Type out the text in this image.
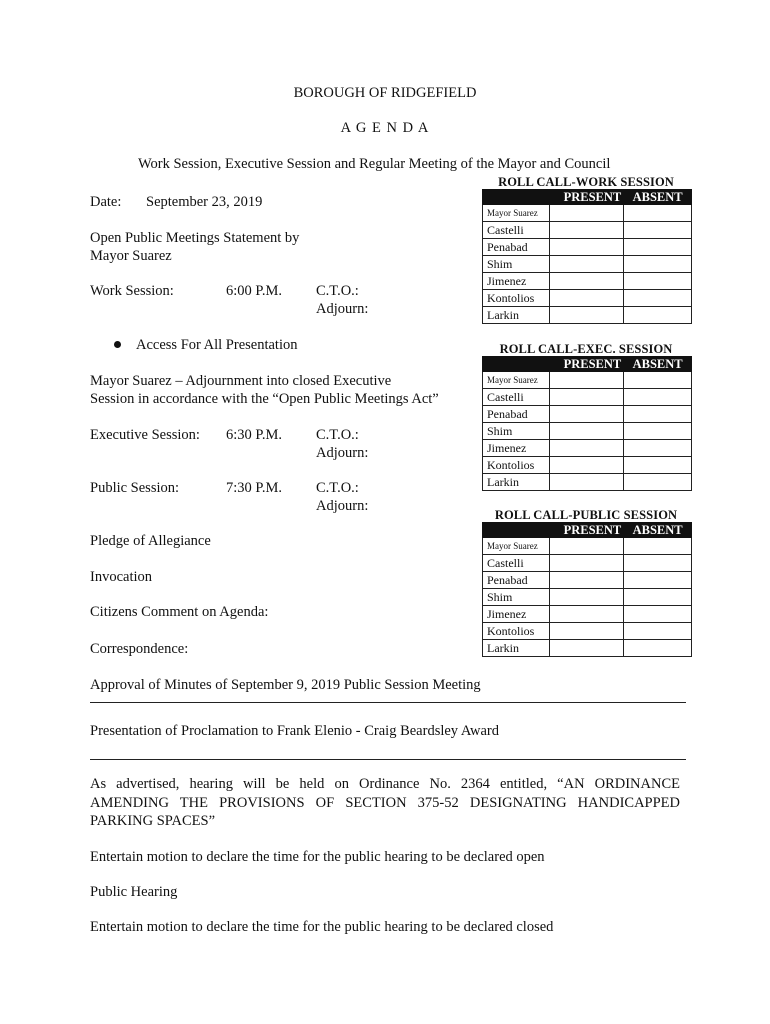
BOROUGH OF RIDGEFIELD
A G E N D A
Work Session, Executive Session and Regular Meeting of the Mayor and Council
Date: September 23, 2019
Open Public Meetings Statement by
Mayor Suarez
Work Session:	6:00 P.M. C.T.O.:
Adjourn:
Access For All Presentation
Mayor Suarez – Adjournment into closed Executive
Session in accordance with the “Open Public Meetings Act”
Executive Session: 6:30 P.M. C.T.O.:
Adjourn:
Public Session:	7:30 P.M. C.T.O.:
Adjourn:
Pledge of Allegiance
Invocation
Citizens Comment on Agenda:
Correspondence:
Approval of Minutes of September 9, 2019 Public Session Meeting
Presentation of Proclamation to Frank Elenio - Craig Beardsley Award
As advertised, hearing will be held on Ordinance No. 2364 entitled, “AN ORDINANCE AMENDING THE PROVISIONS OF SECTION 375-52 DESIGNATING HANDICAPPED PARKING SPACES”
Entertain motion to declare the time for the public hearing to be declared open
Public Hearing
Entertain motion to declare the time for the public hearing to be declared closed
ROLL CALL-WORK SESSION
	PRESENT	ABSENT
Mayor Suarez		
Castelli		
Penabad		
Shim		
Jimenez		
Kontolios		
Larkin		
ROLL CALL-EXEC. SESSION
	PRESENT	ABSENT
Mayor Suarez		
Castelli		
Penabad		
Shim		
Jimenez		
Kontolios		
Larkin		
ROLL CALL-PUBLIC SESSION
	PRESENT	ABSENT
Mayor Suarez		
Castelli		
Penabad		
Shim		
Jimenez		
Kontolios		
Larkin		
